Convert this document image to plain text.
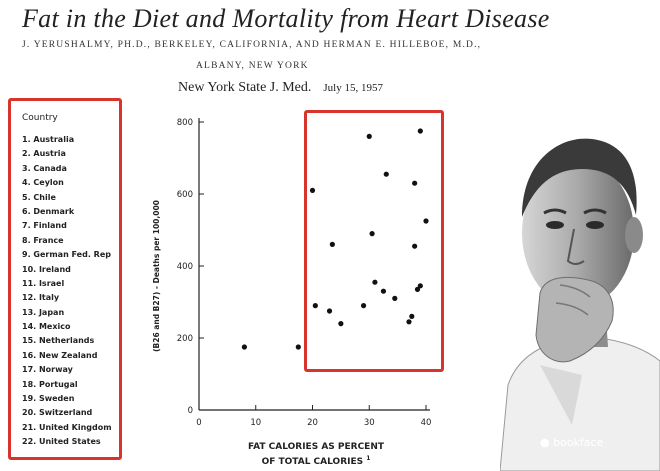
Fat in the Diet and Mortality from Heart Disease
J. YERUSHALMY, PH.D., BERKELEY, CALIFORNIA, AND HERMAN E. HILLEBOE, M.D.,
ALBANY, NEW YORK
New York State J. Med. July 15, 1957
Country
1. Australia
2. Austria
3. Canada
4. Ceylon
5. Chile
6. Denmark
7. Finland
8. France
9. German Fed. Rep
10. Ireland
11. Israel
12. Italy
13. Japan
14. Mexico
15. Netherlands
16. New Zealand
17. Norway
18. Portugal
19. Sweden
20. Switzerland
21. United Kingdom
22. United States
0
200
400
600
800
0	10	20	30	40
(B26 and B27) - Deaths per 100,000
FAT CALORIES AS PERCENT
OF TOTAL CALORIES $^1$
● bookface
